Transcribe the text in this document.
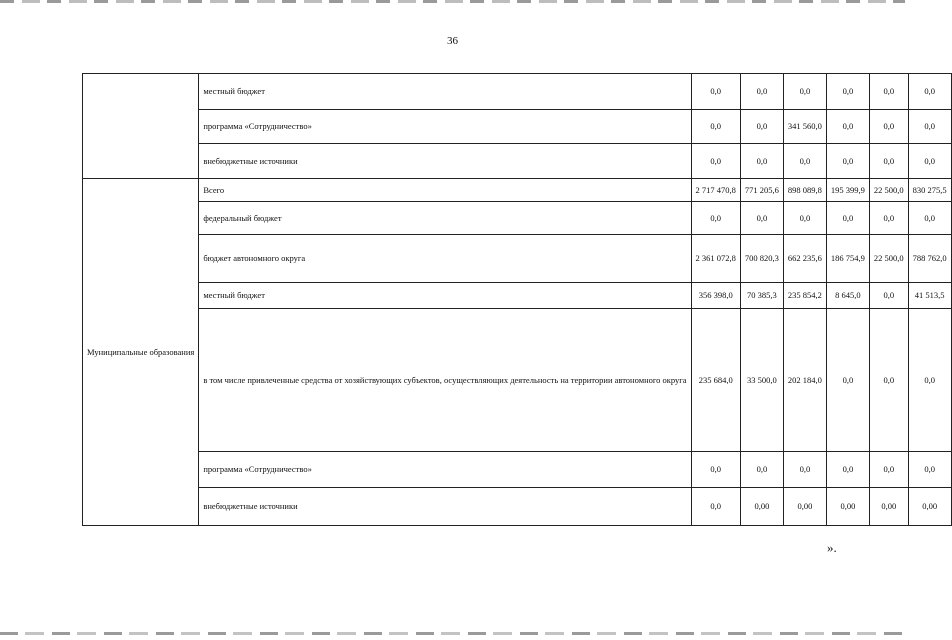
36
	местный бюджет	0,0	0,0	0,0	0,0	0,0	0,0
	программа «Сотрудничество»	0,0	0,0	341 560,0	0,0	0,0	0,0
	внебюджетные источники	0,0	0,0	0,0	0,0	0,0	0,0
Муниципальные образования	Всего	2 717 470,8	771 205,6	898 089,8	195 399,9	22 500,0	830 275,5
	федеральный бюджет	0,0	0,0	0,0	0,0	0,0	0,0
	бюджет автономного округа	2 361 072,8	700 820,3	662 235,6	186 754,9	22 500,0	788 762,0
	местный бюджет	356 398,0	70 385,3	235 854,2	8 645,0	0,0	41 513,5
	в том числе привлеченные средства от хозяйствующих субъектов, осуществляющих деятельность на территории автономного округа	235 684,0	33 500,0	202 184,0	0,0	0,0	0,0
	программа «Сотрудничество»	0,0	0,0	0,0	0,0	0,0	0,0
	внебюджетные источники	0,0	0,00	0,00	0,00	0,00	0,00
».
